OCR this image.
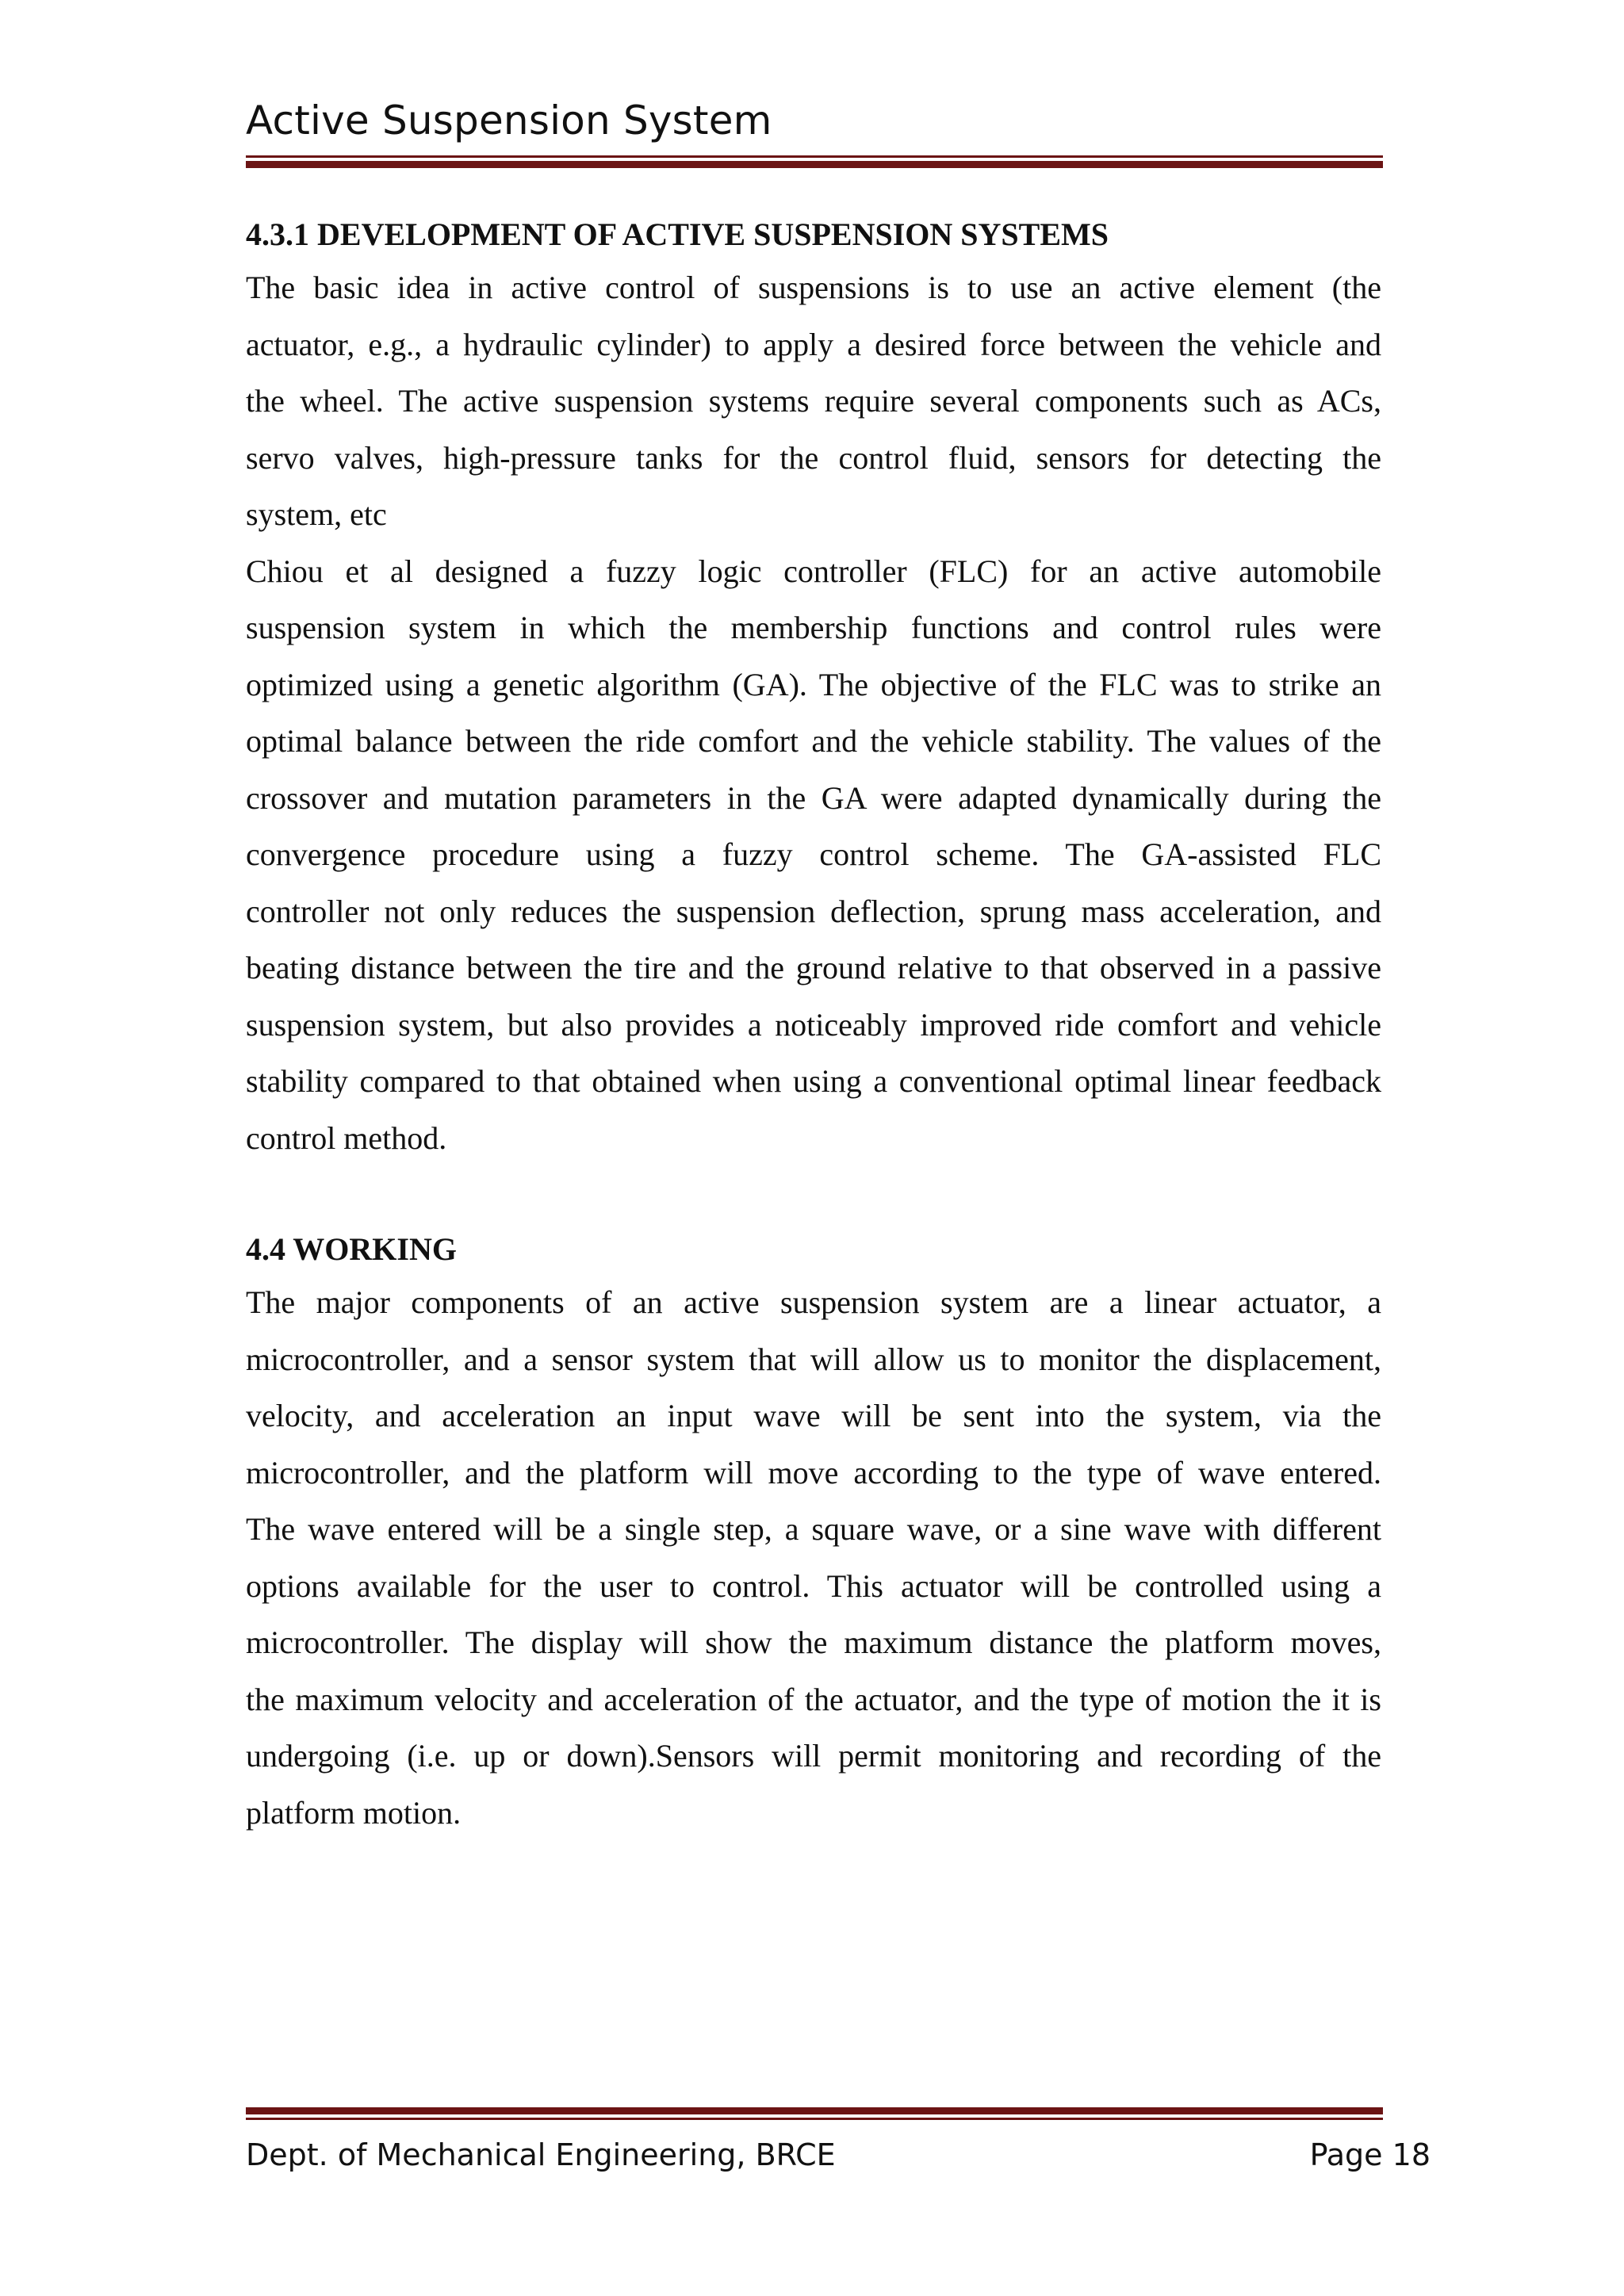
Active Suspension System
4.3.1 DEVELOPMENT OF ACTIVE SUSPENSION SYSTEMS
The basic idea in active control of suspensions is to use an active element (the
actuator, e.g., a hydraulic cylinder) to apply a desired force between the vehicle and
the wheel. The active suspension systems require several components such as ACs,
servo valves, high-pressure tanks for the control fluid, sensors for detecting the
system, etc
Chiou et al designed a fuzzy logic controller (FLC) for an active automobile
suspension system in which the membership functions and control rules were
optimized using a genetic algorithm (GA). The objective of the FLC was to strike an
optimal balance between the ride comfort and the vehicle stability. The values of the
crossover and mutation parameters in the GA were adapted dynamically during the
convergence procedure using a fuzzy control scheme. The GA-assisted FLC
controller not only reduces the suspension deflection, sprung mass acceleration, and
beating distance between the tire and the ground relative to that observed in a passive
suspension system, but also provides a noticeably improved ride comfort and vehicle
stability compared to that obtained when using a conventional optimal linear feedback
control method.
4.4 WORKING
The major components of an active suspension system are a linear actuator, a
microcontroller, and a sensor system that will allow us to monitor the displacement,
velocity, and acceleration an input wave will be sent into the system, via the
microcontroller, and the platform will move according to the type of wave entered.
The wave entered will be a single step, a square wave, or a sine wave with different
options available for the user to control. This actuator will be controlled using a
microcontroller. The display will show the maximum distance the platform moves,
the maximum velocity and acceleration of the actuator, and the type of motion the it is
undergoing (i.e. up or down).Sensors will permit monitoring and recording of the
platform motion.
Dept. of Mechanical Engineering, BRCE	Page 18
